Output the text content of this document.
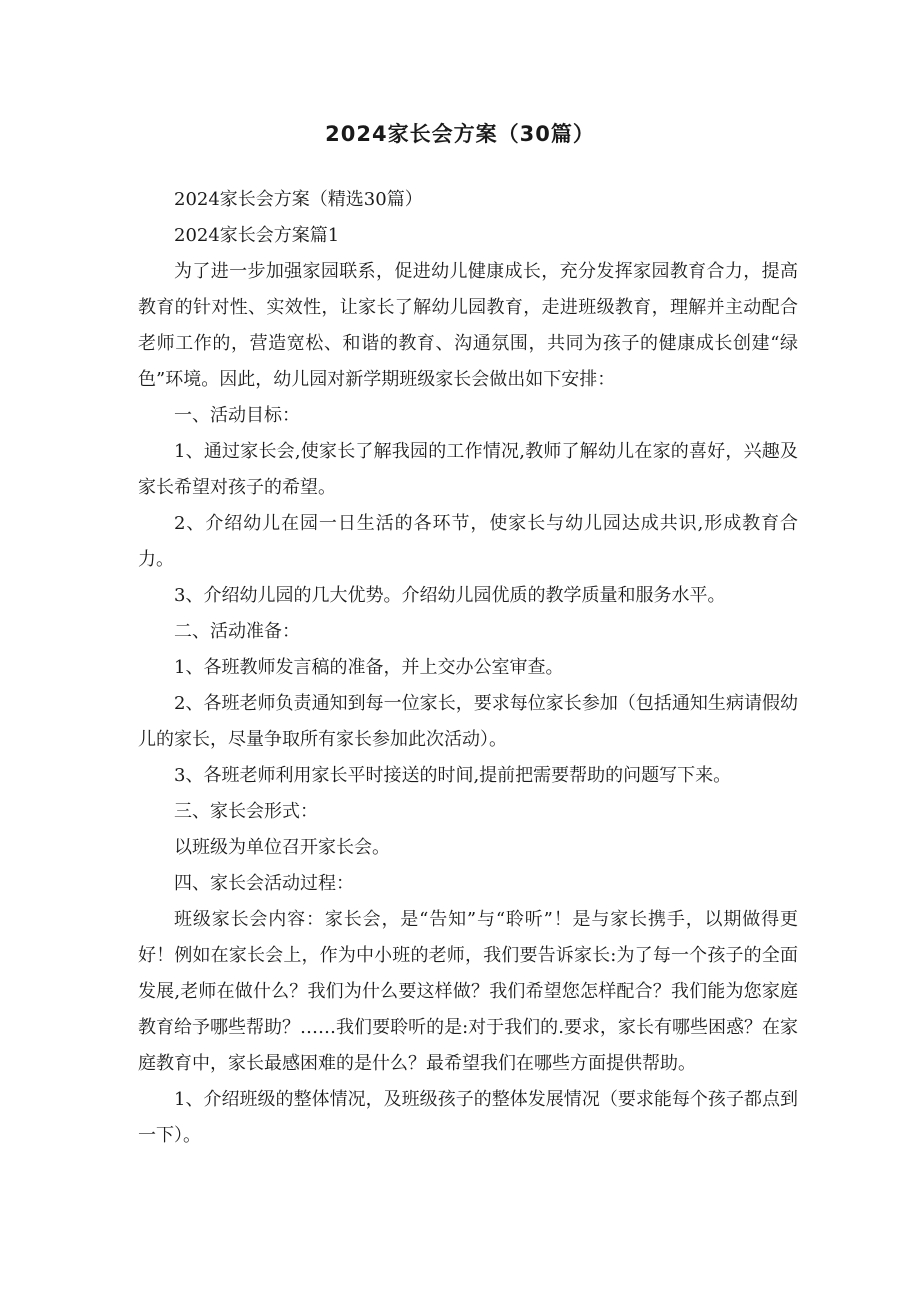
2024家长会方案（30篇）

2024家长会方案（精选30篇）

2024家长会方案篇1

为了进一步加强家园联系，促进幼儿健康成长，充分发挥家园教育合力，提高教育的针对性、实效性，让家长了解幼儿园教育，走进班级教育，理解并主动配合老师工作的，营造宽松、和谐的教育、沟通氛围，共同为孩子的健康成长创建“绿色”环境。因此，幼儿园对新学期班级家长会做出如下安排：

一、活动目标：

1、通过家长会,使家长了解我园的工作情况,教师了解幼儿在家的喜好，兴趣及家长希望对孩子的希望。

2、介绍幼儿在园一日生活的各环节，使家长与幼儿园达成共识,形成教育合力。

3、介绍幼儿园的几大优势。介绍幼儿园优质的教学质量和服务水平。

二、活动准备：

1、各班教师发言稿的准备，并上交办公室审查。

2、各班老师负责通知到每一位家长，要求每位家长参加（包括通知生病请假幼儿的家长，尽量争取所有家长参加此次活动）。

3、各班老师利用家长平时接送的时间,提前把需要帮助的问题写下来。

三、家长会形式：

以班级为单位召开家长会。

四、家长会活动过程：

班级家长会内容：家长会，是“告知”与“聆听”！是与家长携手，以期做得更好！例如在家长会上，作为中小班的老师，我们要告诉家长:为了每一个孩子的全面发展,老师在做什么？我们为什么要这样做？我们希望您怎样配合？我们能为您家庭教育给予哪些帮助？……我们要聆听的是:对于我们的.要求，家长有哪些困惑？在家庭教育中，家长最感困难的是什么？最希望我们在哪些方面提供帮助。

1、介绍班级的整体情况，及班级孩子的整体发展情况（要求能每个孩子都点到一下）。
